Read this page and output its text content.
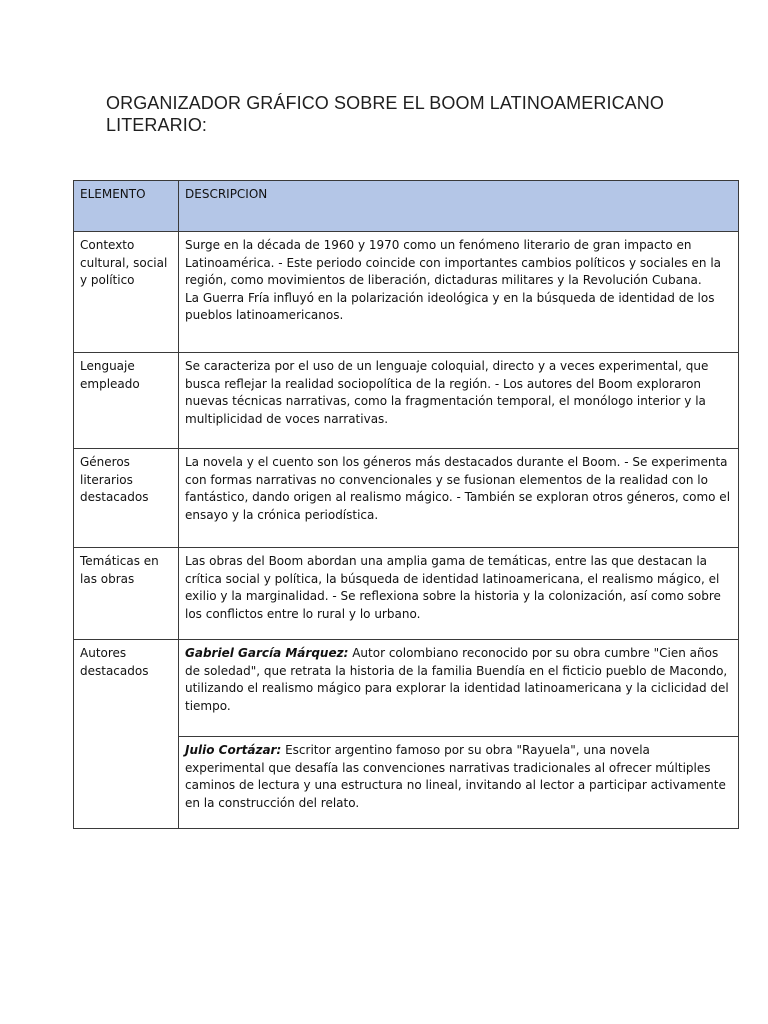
ORGANIZADOR GRÁFICO SOBRE EL BOOM LATINOAMERICANO LITERARIO:
ELEMENTO	DESCRIPCION
Contexto cultural, social y político	Surge en la década de 1960 y 1970 como un fenómeno literario de gran impacto en Latinoamérica. - Este periodo coincide con importantes cambios políticos y sociales en la región, como movimientos de liberación, dictaduras militares y la Revolución Cubana.
La Guerra Fría influyó en la polarización ideológica y en la búsqueda de identidad de los pueblos latinoamericanos.

Lenguaje empleado	Se caracteriza por el uso de un lenguaje coloquial, directo y a veces experimental, que busca reflejar la realidad sociopolítica de la región. - Los autores del Boom exploraron nuevas técnicas narrativas, como la fragmentación temporal, el monólogo interior y la multiplicidad de voces narrativas.
Géneros literarios destacados	La novela y el cuento son los géneros más destacados durante el Boom. - Se experimenta con formas narrativas no convencionales y se fusionan elementos de la realidad con lo fantástico, dando origen al realismo mágico. - También se exploran otros géneros, como el ensayo y la crónica periodística.
Temáticas en las obras	Las obras del Boom abordan una amplia gama de temáticas, entre las que destacan la crítica social y política, la búsqueda de identidad latinoamericana, el realismo mágico, el exilio y la marginalidad. - Se reflexiona sobre la historia y la colonización, así como sobre los conflictos entre lo rural y lo urbano.
Autores destacados	Gabriel García Márquez: Autor colombiano reconocido por su obra cumbre "Cien años de soledad", que retrata la historia de la familia Buendía en el ficticio pueblo de Macondo, utilizando el realismo mágico para explorar la identidad latinoamericana y la ciclicidad del tiempo.
	Julio Cortázar: Escritor argentino famoso por su obra "Rayuela", una novela experimental que desafía las convenciones narrativas tradicionales al ofrecer múltiples caminos de lectura y una estructura no lineal, invitando al lector a participar activamente en la construcción del relato.
